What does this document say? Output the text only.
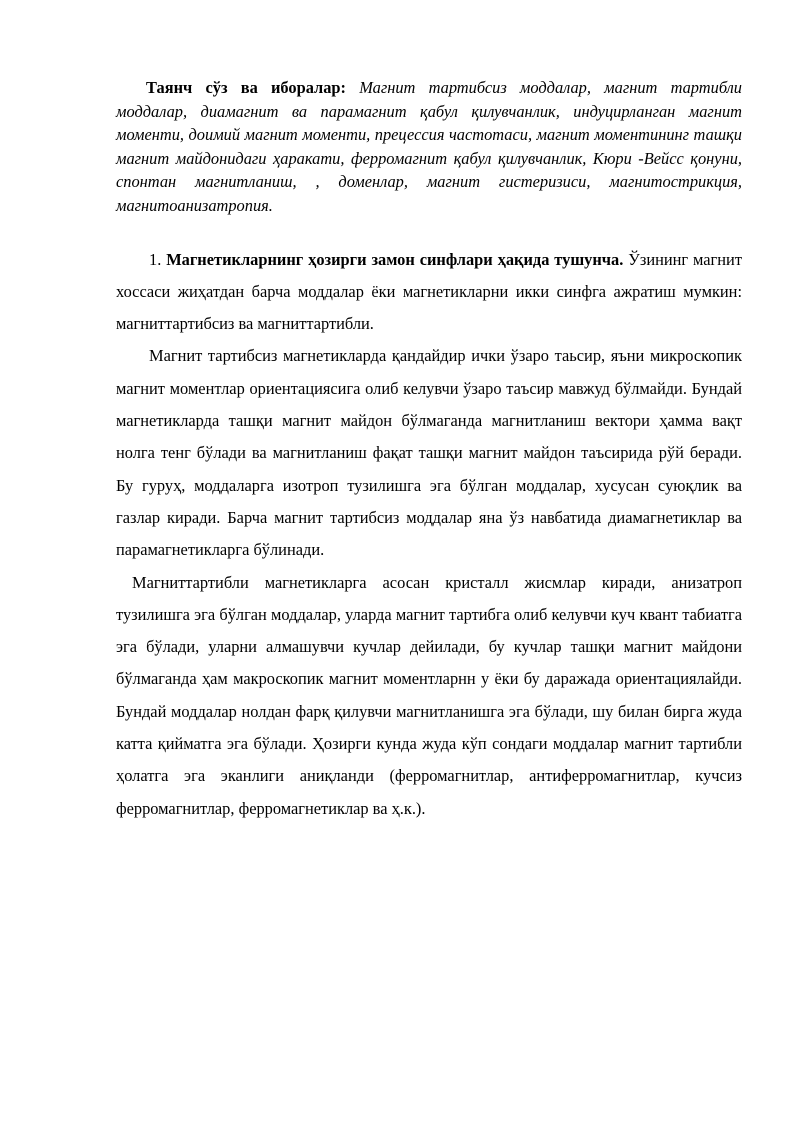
Таянч сўз ва иборалар: Магнит тартибсиз моддалар, магнит тартибли моддалар, диамагнит ва парамагнит қабул қилувчанлик, индуцирланган магнит моменти, доимий магнит моменти, прецессия частотаси, магнит моментининг ташқи магнит майдонидаги ҳаракати, ферромагнит қабул қилувчанлик, Кюри -Вейсс қонуни, спонтан магнитланиш, , доменлар, магнит гистеризиси, магнитострикция, магнитоанизатропия.

1. Магнетикларнинг ҳозирги замон синфлари ҳақида тушунча. Ўзининг магнит хоссаси жиҳатдан барча моддалар ёки магнетикларни икки синфга ажратиш мумкин: магниттартибсиз ва магниттартибли.

Магнит тартибсиз магнетикларда қандайдир ички ўзаро таьсир, яъни микроскопик магнит моментлар ориентациясига олиб келувчи ўзаро таъсир мавжуд бўлмайди. Бундай магнетикларда ташқи магнит майдон бўлмаганда магнитланиш вектори ҳамма вақт нолга тенг бўлади ва магнитланиш фақат ташқи магнит майдон таъсирида рўй беради. Бу гуруҳ, моддаларга изотроп тузилишга эга бўлган моддалар, хусусан суюқлик ва газлар киради. Барча магнит тартибсиз моддалар яна ўз навбатида диамагнетиклар ва парамагнетикларга бўлинади.

Магниттартибли магнетикларга асосан кристалл жисмлар киради, анизатроп тузилишга эга бўлган моддалар, уларда магнит тартибга олиб келувчи куч квант табиатга эга бўлади, уларни алмашувчи кучлар дейилади, бу кучлар ташқи магнит майдони бўлмаганда ҳам макроскопик магнит моментларнн у ёки бу даражада ориентациялайди. Бундай моддалар нолдан фарқ қилувчи магнитланишга эга бўлади, шу билан бирга жуда катта қийматга эга бўлади. Ҳозирги кунда жуда кўп сондаги моддалар магнит тартибли ҳолатга эга эканлиги аниқланди (ферромагнитлар, антиферромагнитлар, кучсиз ферромагнитлар, ферромагнетиклар ва ҳ.к.).
